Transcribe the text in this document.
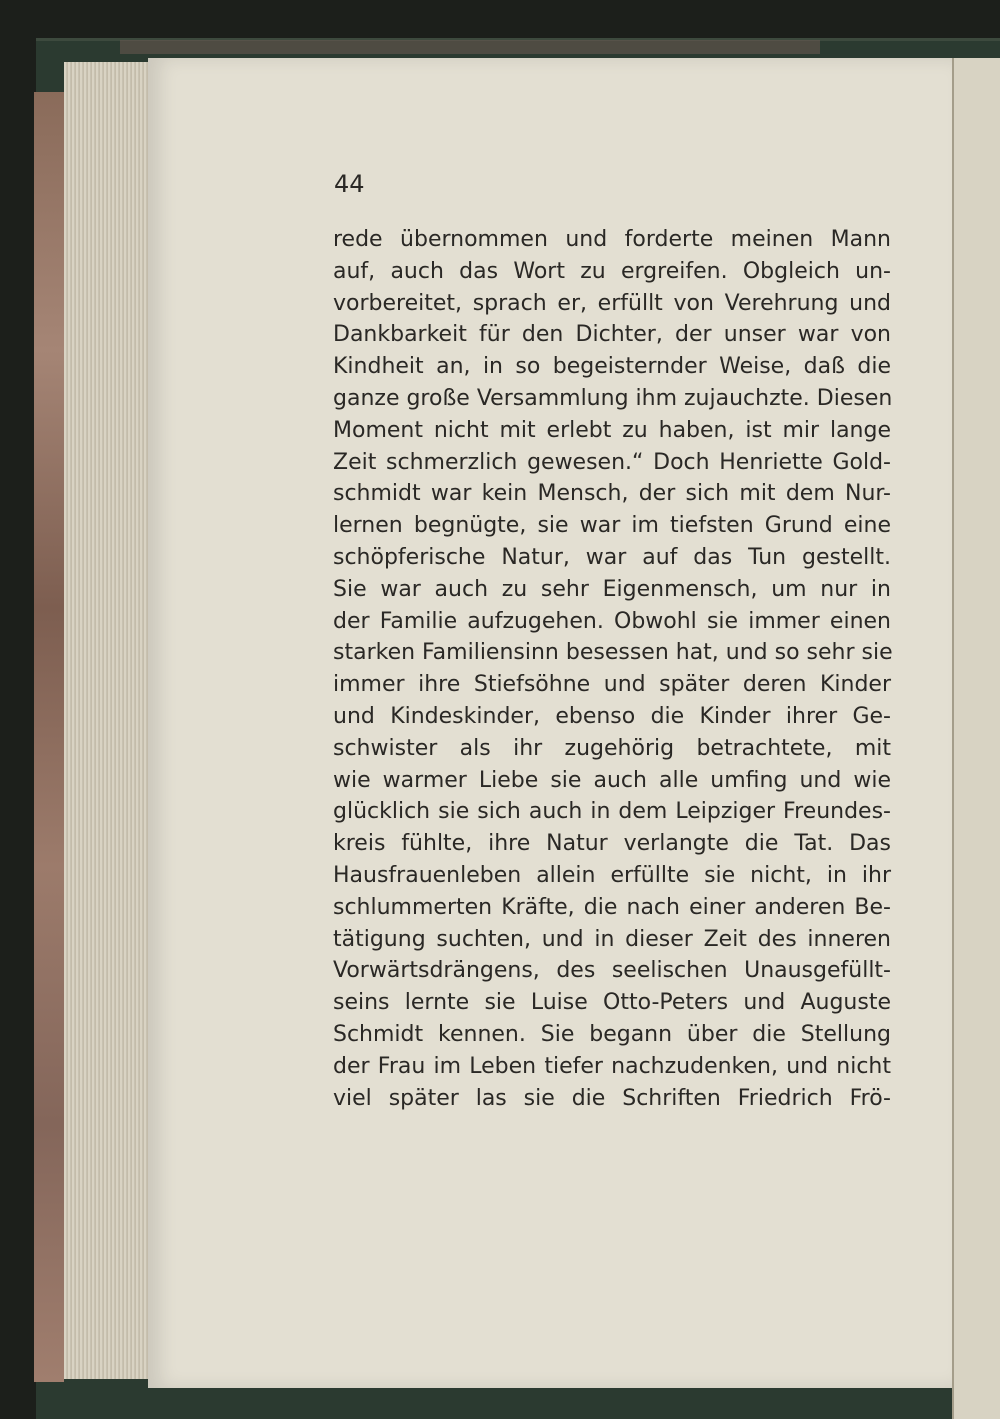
44
rede übernommen und forderte meinen Mann
auf, auch das Wort zu ergreifen. Obgleich un-
vorbereitet, sprach er, erfüllt von Verehrung und
Dankbarkeit für den Dichter, der unser war von
Kindheit an, in so begeisternder Weise, daß die
ganze große Versammlung ihm zujauchzte. Diesen
Moment nicht mit erlebt zu haben, ist mir lange
Zeit schmerzlich gewesen.“ Doch Henriette Gold-
schmidt war kein Mensch, der sich mit dem Nur-
lernen begnügte, sie war im tiefsten Grund eine
schöpferische Natur, war auf das Tun gestellt.
Sie war auch zu sehr Eigenmensch, um nur in
der Familie aufzugehen. Obwohl sie immer einen
starken Familiensinn besessen hat, und so sehr sie
immer ihre Stiefsöhne und später deren Kinder
und Kindeskinder, ebenso die Kinder ihrer Ge-
schwister als ihr zugehörig betrachtete, mit
wie warmer Liebe sie auch alle umfing und wie
glücklich sie sich auch in dem Leipziger Freundes-
kreis fühlte, ihre Natur verlangte die Tat. Das
Hausfrauenleben allein erfüllte sie nicht, in ihr
schlummerten Kräfte, die nach einer anderen Be-
tätigung suchten, und in dieser Zeit des inneren
Vorwärtsdrängens, des seelischen Unausgefüllt-
seins lernte sie Luise Otto-Peters und Auguste
Schmidt kennen. Sie begann über die Stellung
der Frau im Leben tiefer nachzudenken, und nicht
viel später las sie die Schriften Friedrich Frö-
